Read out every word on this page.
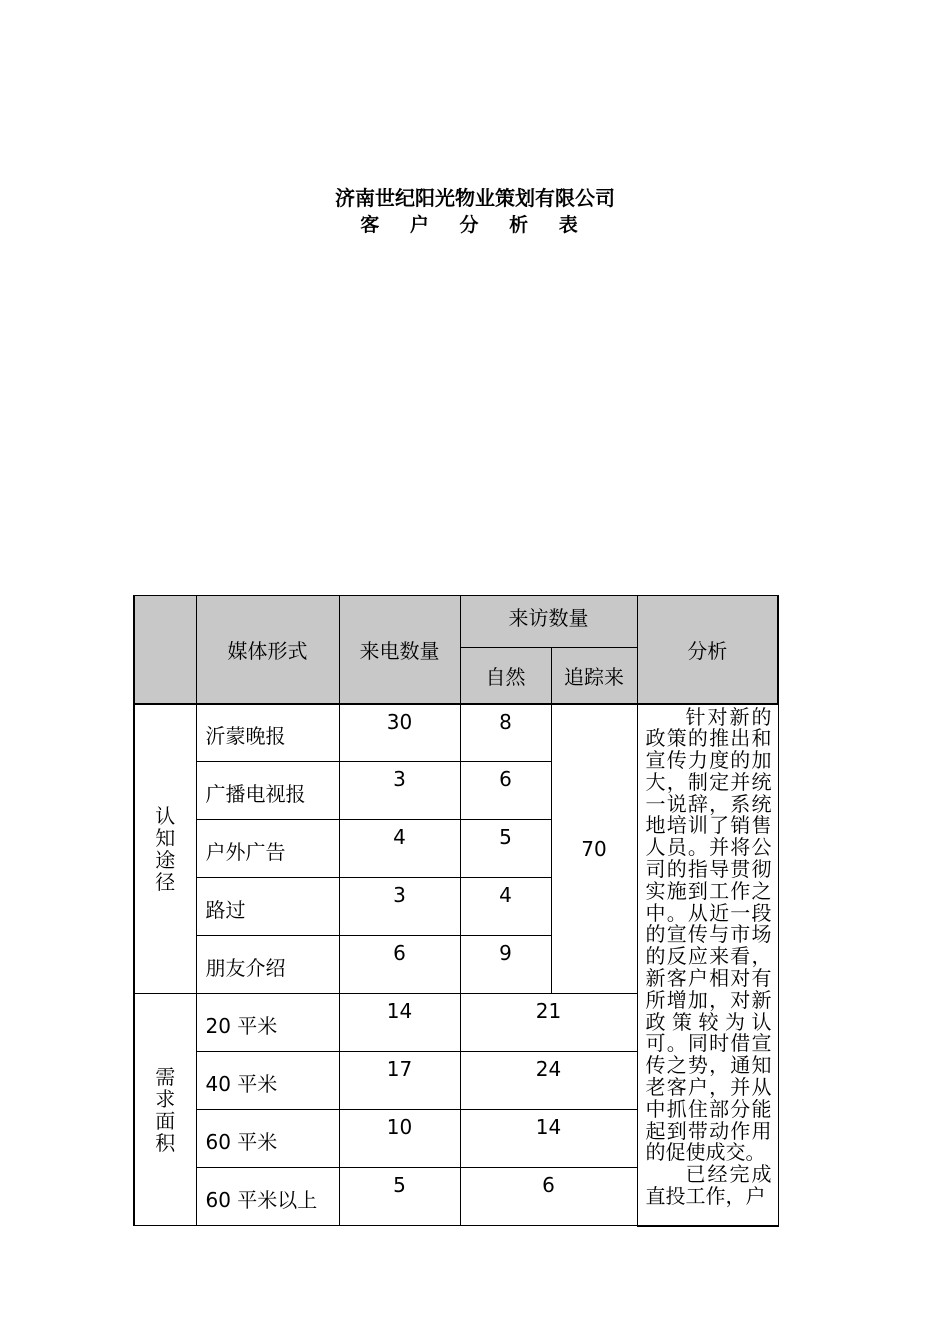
济南世纪阳光物业策划有限公司
客 户 分 析 表
	媒体形式	来电数量	来访数量		分析
			自然	追踪来	

认知途径	沂蒙晚报	30	8	70	针对新的政策的推出和宣传力度的加大，制定并统一说辞，系统地培训了销售人员。并将公司的指导贯彻实施到工作之中。从近一段的宣传与市场的反应来看，新客户相对有所增加，对新政策较为认可。同时借宣传之势，通知老客户，并从中抓住部分能起到带动作用的促使成交。

已经完成直投工作，户

	广播电视报	3	6		
	户外广告	4	5		
	路过	3	4		
	朋友介绍	6	9		

需求面积	20 平米	14	21		
	40 平米	17	24		
	60 平米	10	14		
	60 平米以上	5	6		
